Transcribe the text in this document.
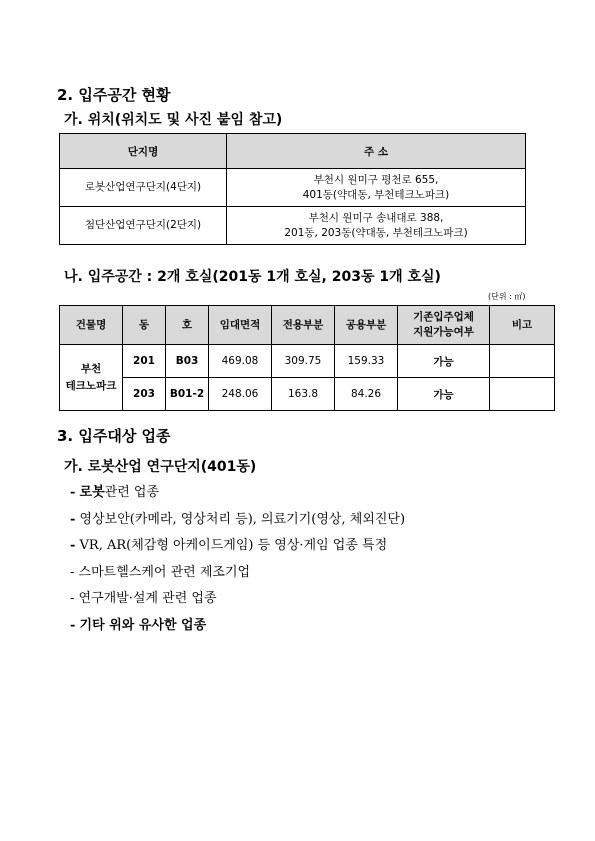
2. 입주공간 현황
가. 위치(위치도 및 사진 붙임 참고)
단지명	주 소
로봇산업연구단지(4단지)	부천시 원미구 평천로 655,
401동(약대동, 부천테크노파크)
첨단산업연구단지(2단지)	부천시 원미구 송내대로 388,
201동, 203동(약대동, 부천테크노파크)
나. 입주공간 : 2개 호실(201동 1개 호실, 203동 1개 호실)
(단위 : ㎡)
건물명	동	호	임대면적	전용부분	공용부분	기존입주업체
지원가능여부	비고
부천
테크노파크	201	B03	469.08	309.75	159.33	가능	
	203	B01-2	248.06	163.8	84.26	가능	
3. 입주대상 업종
가. 로봇산업 연구단지(401동)
- 로봇관련 업종
- 영상보안(카메라, 영상처리 등), 의료기기(영상, 체외진단)
- VR, AR(체감형 아케이드게임) 등 영상·게임 업종 특정
- 스마트헬스케어 관련 제조기업
- 연구개발·설계 관련 업종
- 기타 위와 유사한 업종
